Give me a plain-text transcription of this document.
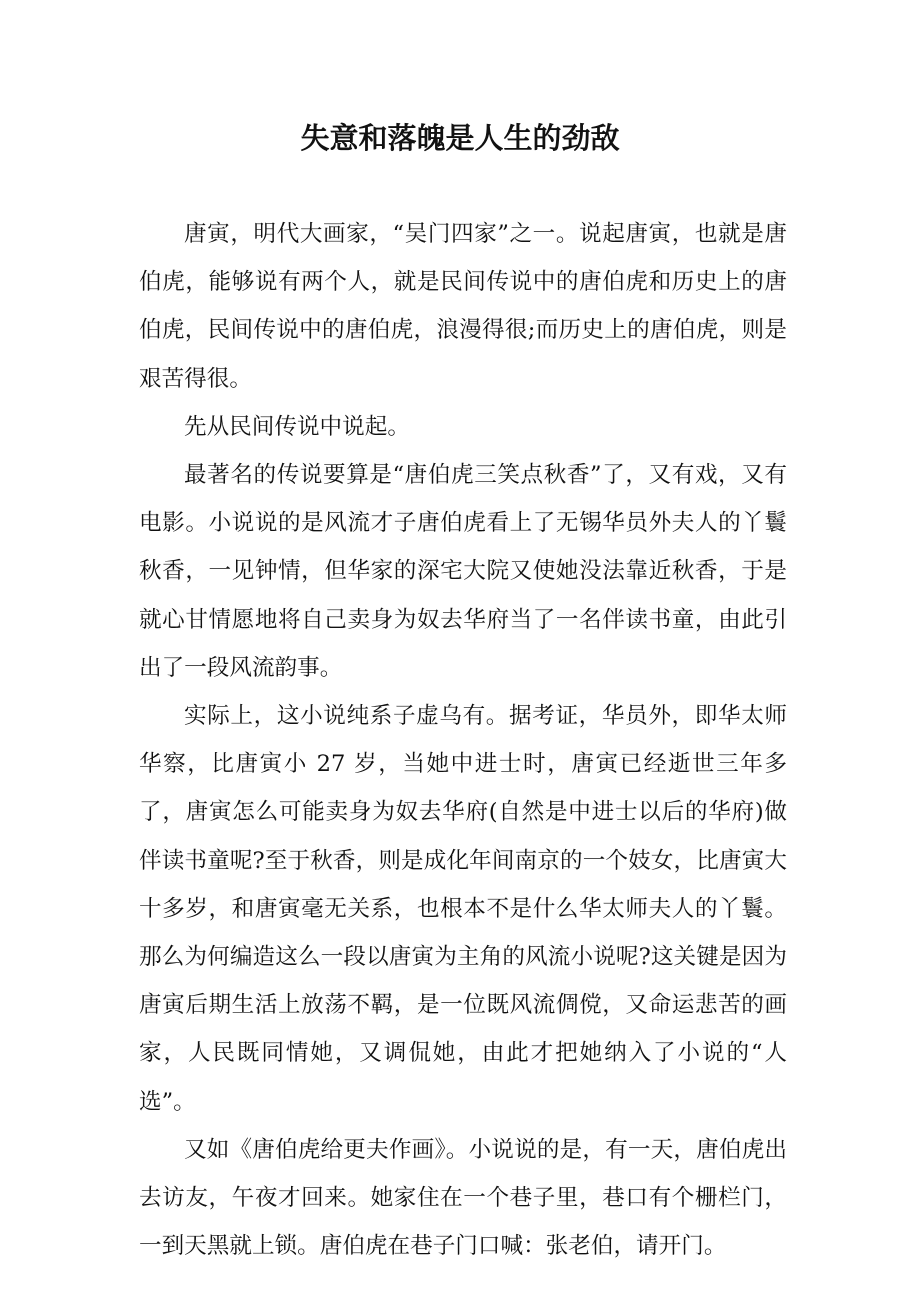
失意和落魄是人生的劲敌

唐寅，明代大画家，“吴门四家”之一。说起唐寅，也就是唐伯虎，能够说有两个人，就是民间传说中的唐伯虎和历史上的唐伯虎，民间传说中的唐伯虎，浪漫得很;而历史上的唐伯虎，则是艰苦得很。

先从民间传说中说起。

最著名的传说要算是“唐伯虎三笑点秋香”了，又有戏，又有电影。小说说的是风流才子唐伯虎看上了无锡华员外夫人的丫鬟秋香，一见钟情，但华家的深宅大院又使她没法靠近秋香，于是就心甘情愿地将自己卖身为奴去华府当了一名伴读书童，由此引出了一段风流韵事。

实际上，这小说纯系子虚乌有。据考证，华员外，即华太师华察，比唐寅小 27 岁，当她中进士时，唐寅已经逝世三年多了，唐寅怎么可能卖身为奴去华府(自然是中进士以后的华府)做伴读书童呢?至于秋香，则是成化年间南京的一个妓女，比唐寅大十多岁，和唐寅毫无关系，也根本不是什么华太师夫人的丫鬟。那么为何编造这么一段以唐寅为主角的风流小说呢?这关键是因为唐寅后期生活上放荡不羁，是一位既风流倜傥，又命运悲苦的画家，人民既同情她，又调侃她，由此才把她纳入了小说的“人选”。

又如《唐伯虎给更夫作画》。小说说的是，有一天，唐伯虎出去访友，午夜才回来。她家住在一个巷子里，巷口有个栅栏门，一到天黑就上锁。唐伯虎在巷子门口喊：张老伯，请开门。
